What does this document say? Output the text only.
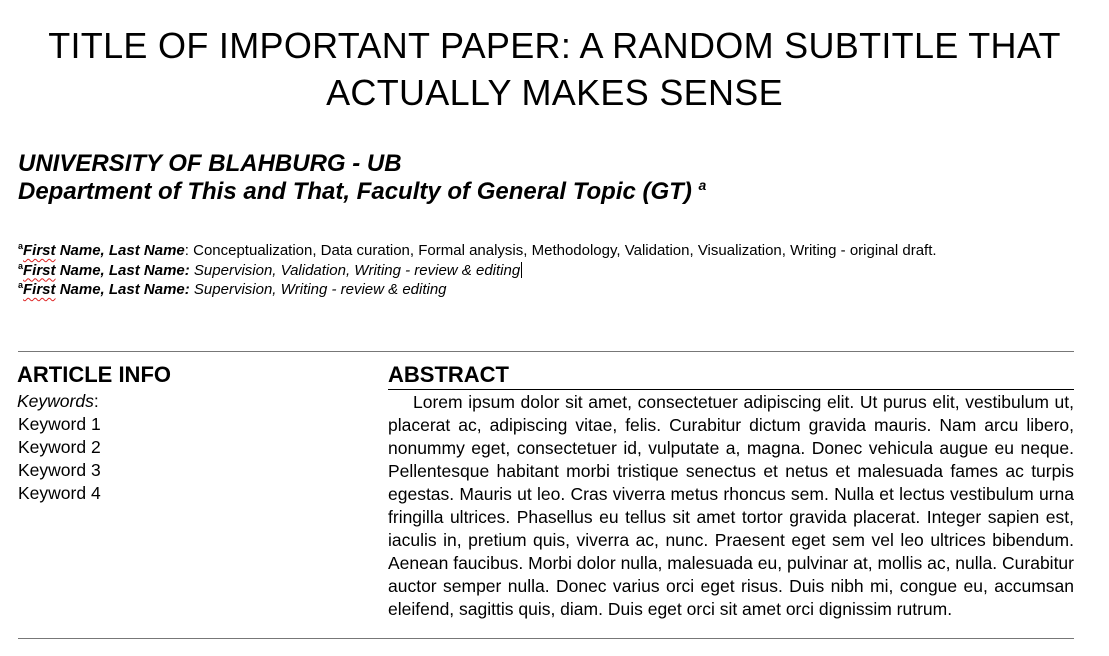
TITLE OF IMPORTANT PAPER: A RANDOM SUBTITLE THAT
ACTUALLY MAKES SENSE
UNIVERSITY OF BLAHBURG - UB
Department of This and That, Faculty of General Topic (GT) $^a$
$^a$First Name, Last Name: Conceptualization, Data curation, Formal analysis, Methodology, Validation, Visualization, Writing - original draft.
$^a$First Name, Last Name: Supervision, Validation, Writing - review & editing
$^a$First Name, Last Name: Supervision, Writing - review & editing
ARTICLE INFO
Keywords:
Keyword 1
Keyword 2
Keyword 3
Keyword 4
ABSTRACT
Lorem ipsum dolor sit amet, consectetuer adipiscing elit. Ut purus elit, vestibulum ut, placerat ac, adipiscing vitae, felis. Curabitur dictum gravida mauris. Nam arcu libero, nonummy eget, consectetuer id, vulputate a, magna. Donec vehicula augue eu neque. Pellentesque habitant morbi tristique senectus et netus et malesuada fames ac turpis egestas. Mauris ut leo. Cras viverra metus rhoncus sem. Nulla et lectus vestibulum urna fringilla ultrices. Phasellus eu tellus sit amet tortor gravida placerat. Integer sapien est, iaculis in, pretium quis, viverra ac, nunc. Praesent eget sem vel leo ultrices bibendum. Aenean faucibus. Morbi dolor nulla, malesuada eu, pulvinar at, mollis ac, nulla. Curabitur auctor semper nulla. Donec varius orci eget risus. Duis nibh mi, congue eu, accumsan eleifend, sagittis quis, diam. Duis eget orci sit amet orci dignissim rutrum.
